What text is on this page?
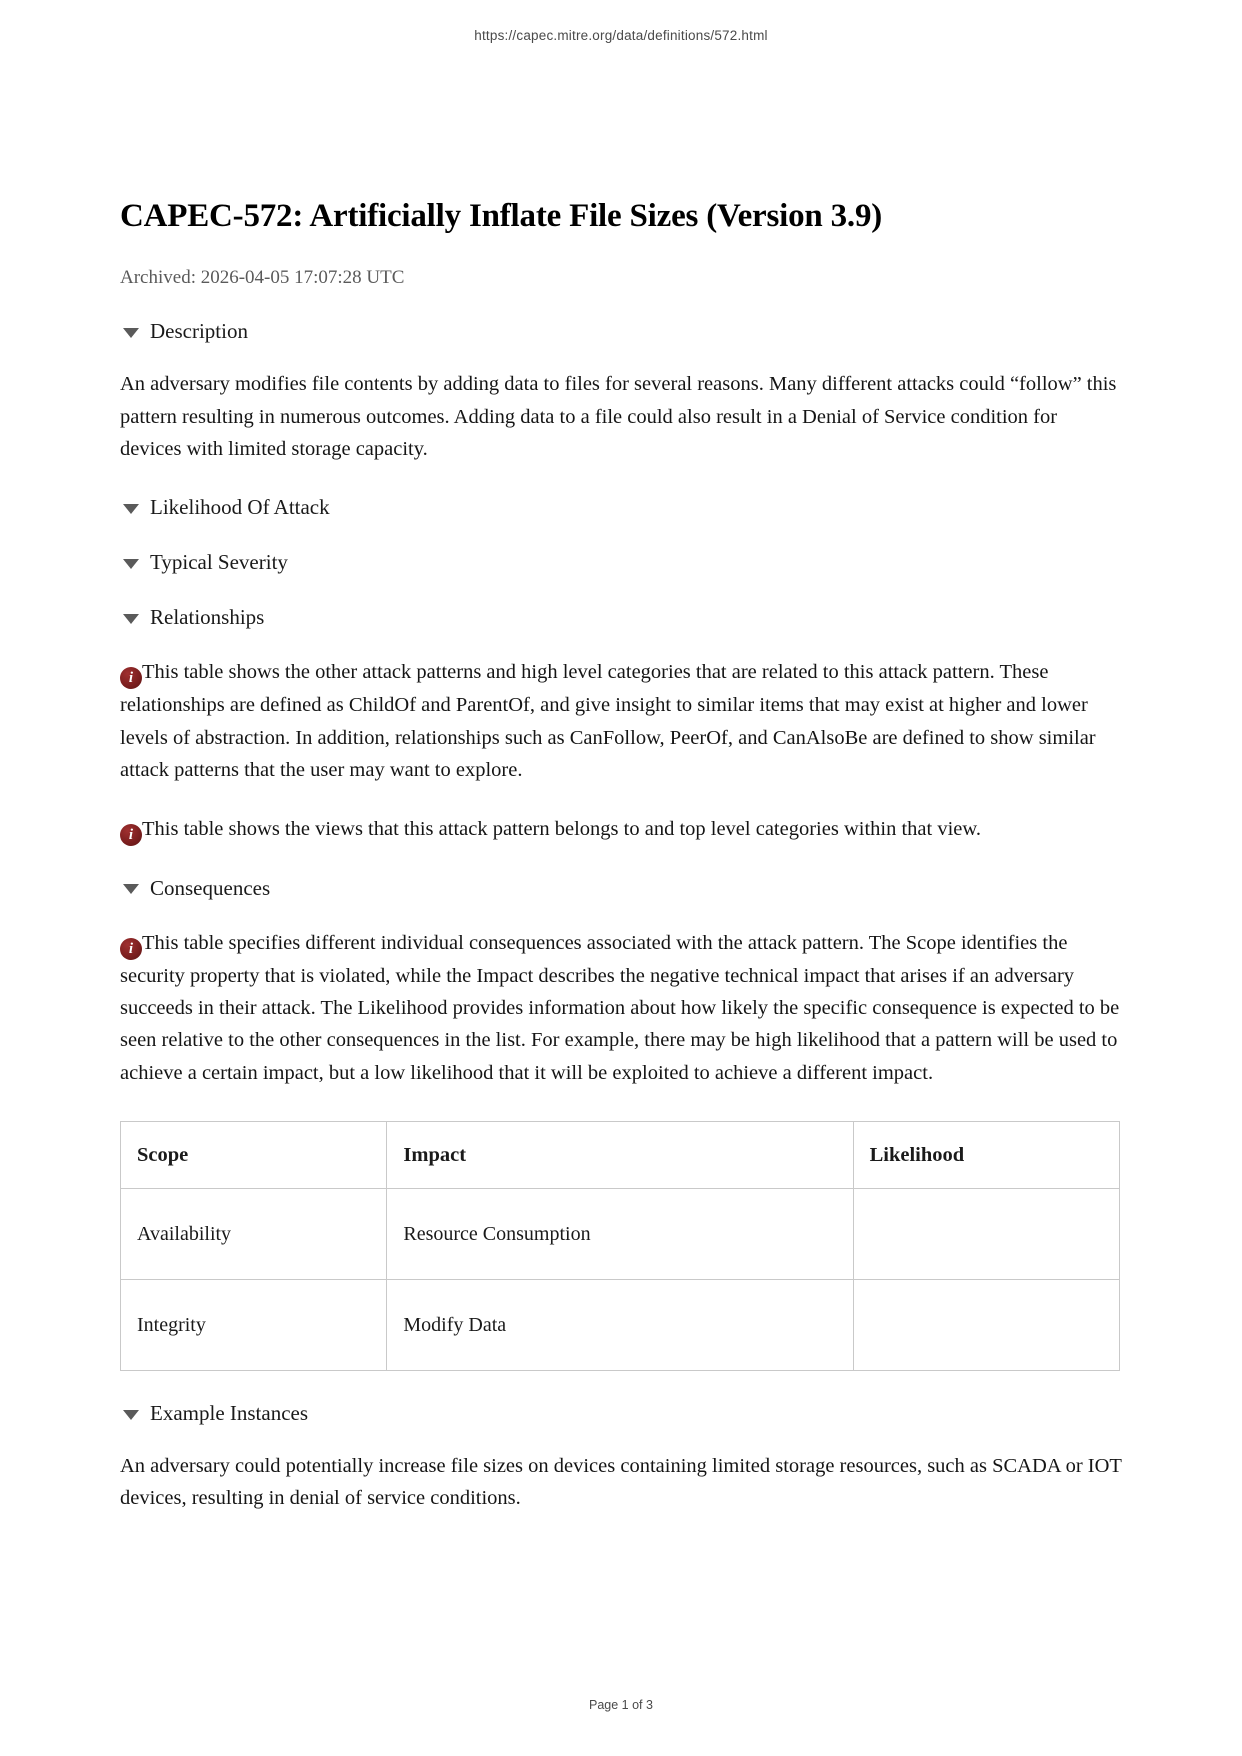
https://capec.mitre.org/data/definitions/572.html
CAPEC-572: Artificially Inflate File Sizes (Version 3.9)
Archived: 2026-04-05 17:07:28 UTC
Description

An adversary modifies file contents by adding data to files for several reasons. Many different attacks could “follow” this pattern resulting in numerous outcomes. Adding data to a file could also result in a Denial of Service condition for devices with limited storage capacity.

Likelihood Of Attack
Typical Severity
Relationships

i This table shows the other attack patterns and high level categories that are related to this attack pattern. These relationships are defined as ChildOf and ParentOf, and give insight to similar items that may exist at higher and lower levels of abstraction. In addition, relationships such as CanFollow, PeerOf, and CanAlsoBe are defined to show similar attack patterns that the user may want to explore.

i This table shows the views that this attack pattern belongs to and top level categories within that view.

Consequences

i This table specifies different individual consequences associated with the attack pattern. The Scope identifies the security property that is violated, while the Impact describes the negative technical impact that arises if an adversary succeeds in their attack. The Likelihood provides information about how likely the specific consequence is expected to be seen relative to the other consequences in the list. For example, there may be high likelihood that a pattern will be used to achieve a certain impact, but a low likelihood that it will be exploited to achieve a different impact.

Scope	Impact	Likelihood
Availability	Resource Consumption	
Integrity	Modify Data	
Example Instances

An adversary could potentially increase file sizes on devices containing limited storage resources, such as SCADA or IOT devices, resulting in denial of service conditions.

Page 1 of 3
